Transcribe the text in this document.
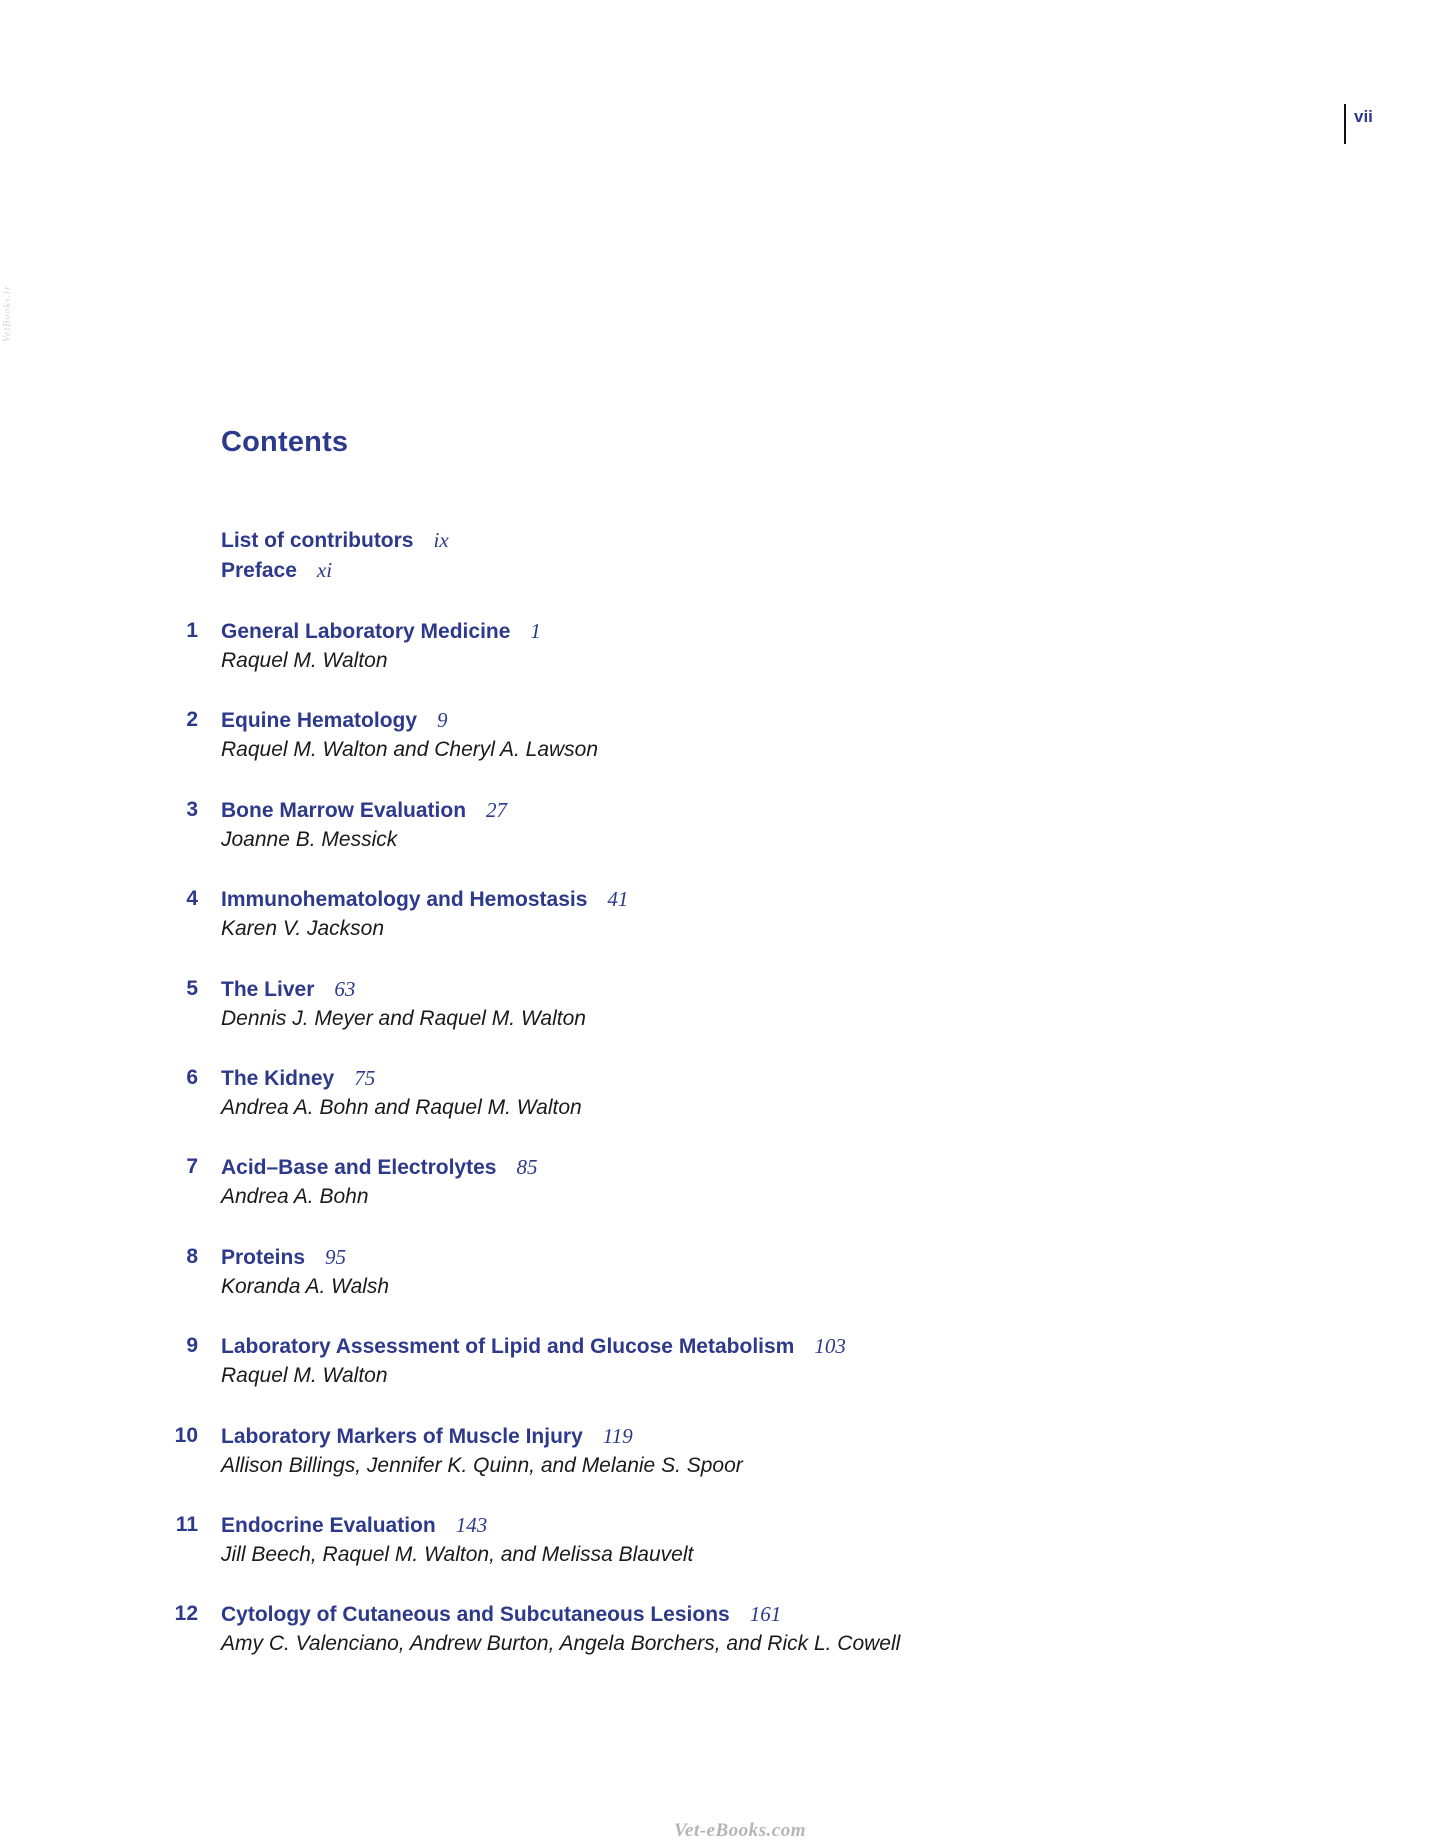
vii
VetBooks.ir
Contents
List of contributors ix
Preface xi
1 General Laboratory Medicine 1
Raquel M. Walton
2 Equine Hematology 9
Raquel M. Walton and Cheryl A. Lawson
3 Bone Marrow Evaluation 27
Joanne B. Messick
4 Immunohematology and Hemostasis 41
Karen V. Jackson
5 The Liver 63
Dennis J. Meyer and Raquel M. Walton
6 The Kidney 75
Andrea A. Bohn and Raquel M. Walton
7 Acid–Base and Electrolytes 85
Andrea A. Bohn
8 Proteins 95
Koranda A. Walsh
9 Laboratory Assessment of Lipid and Glucose Metabolism 103
Raquel M. Walton
10 Laboratory Markers of Muscle Injury 119
Allison Billings, Jennifer K. Quinn, and Melanie S. Spoor
11 Endocrine Evaluation 143
Jill Beech, Raquel M. Walton, and Melissa Blauvelt
12 Cytology of Cutaneous and Subcutaneous Lesions 161
Amy C. Valenciano, Andrew Burton, Angela Borchers, and Rick L. Cowell
Vet-eBooks.com
